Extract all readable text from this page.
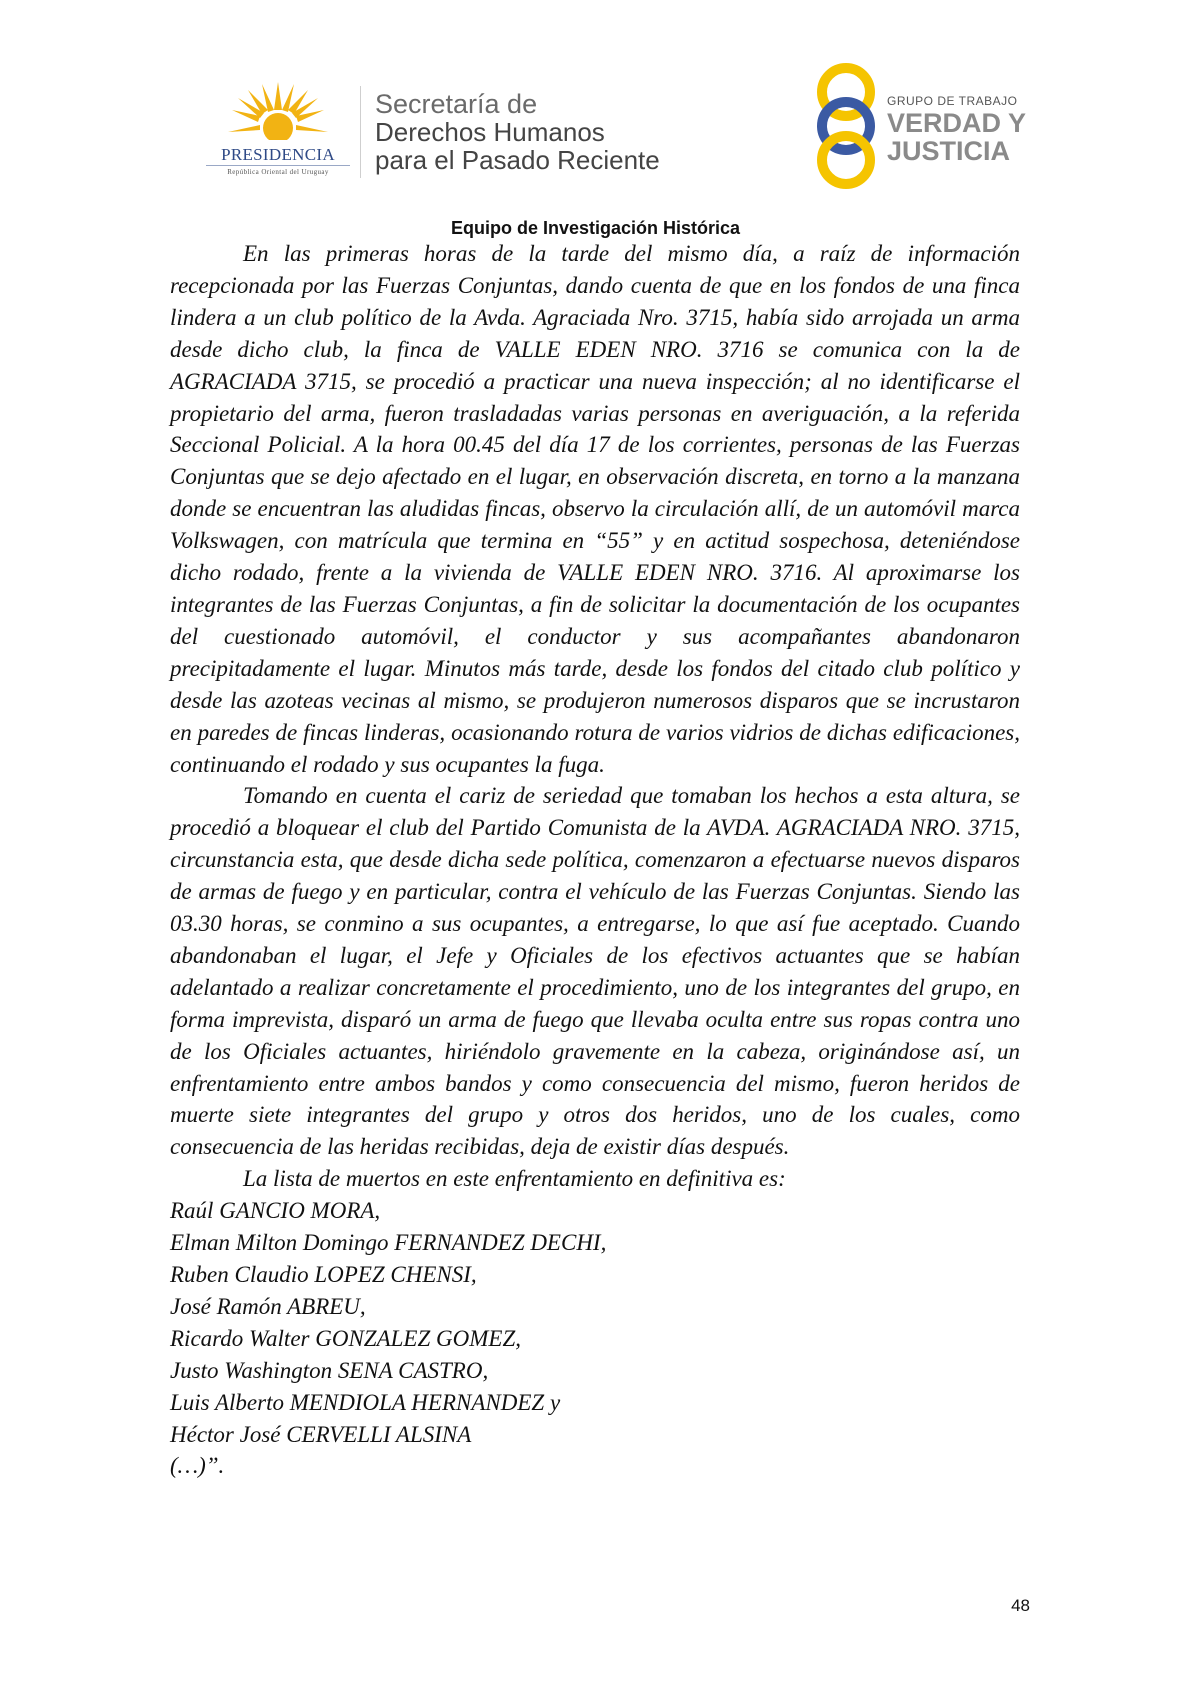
PRESIDENCIA
República Oriental del Uruguay
Secretaría de
Derechos Humanos
para el Pasado Reciente
GRUPO DE TRABAJO
VERDAD Y
JUSTICIA
Equipo de Investigación Histórica

En las primeras horas de la tarde del mismo día, a raíz de información recepcionada por las Fuerzas Conjuntas, dando cuenta de que en los fondos de una finca lindera a un club político de la Avda. Agraciada Nro. 3715, había sido arrojada un arma desde dicho club, la finca de VALLE EDEN NRO. 3716 se comunica con la de AGRACIADA 3715, se procedió a practicar una nueva inspección; al no identificarse el propietario del arma, fueron trasladadas varias personas en averiguación, a la referida Seccional Policial. A la hora 00.45 del día 17 de los corrientes, personas de las Fuerzas Conjuntas que se dejo afectado en el lugar, en observación discreta, en torno a la manzana donde se encuentran las aludidas fincas, observo la circulación allí, de un automóvil marca Volkswagen, con matrícula que termina en “55” y en actitud sospechosa, deteniéndose dicho rodado, frente a la vivienda de VALLE EDEN NRO. 3716. Al aproximarse los integrantes de las Fuerzas Conjuntas, a fin de solicitar la documentación de los ocupantes del cuestionado automóvil, el conductor y sus acompañantes abandonaron precipitadamente el lugar. Minutos más tarde, desde los fondos del citado club político y desde las azoteas vecinas al mismo, se produjeron numerosos disparos que se incrustaron en paredes de fincas linderas, ocasionando rotura de varios vidrios de dichas edificaciones, continuando el rodado y sus ocupantes la fuga.

Tomando en cuenta el cariz de seriedad que tomaban los hechos a esta altura, se procedió a bloquear el club del Partido Comunista de la AVDA. AGRACIADA NRO. 3715, circunstancia esta, que desde dicha sede política, comenzaron a efectuarse nuevos disparos de armas de fuego y en particular, contra el vehículo de las Fuerzas Conjuntas. Siendo las 03.30 horas, se conmino a sus ocupantes, a entregarse, lo que así fue aceptado. Cuando abandonaban el lugar, el Jefe y Oficiales de los efectivos actuantes que se habían adelantado a realizar concretamente el procedimiento, uno de los integrantes del grupo, en forma imprevista, disparó un arma de fuego que llevaba oculta entre sus ropas contra uno de los Oficiales actuantes, hiriéndolo gravemente en la cabeza, originándose así, un enfrentamiento entre ambos bandos y como consecuencia del mismo, fueron heridos de muerte siete integrantes del grupo y otros dos heridos, uno de los cuales, como consecuencia de las heridas recibidas, deja de existir días después.

La lista de muertos en este enfrentamiento en definitiva es:

Raúl GANCIO MORA,
Elman Milton Domingo FERNANDEZ DECHI,
Ruben Claudio LOPEZ CHENSI,
José Ramón ABREU,
Ricardo Walter GONZALEZ GOMEZ,
Justo Washington SENA CASTRO,
Luis Alberto MENDIOLA HERNANDEZ y
Héctor José CERVELLI ALSINA
(…)”.
48
